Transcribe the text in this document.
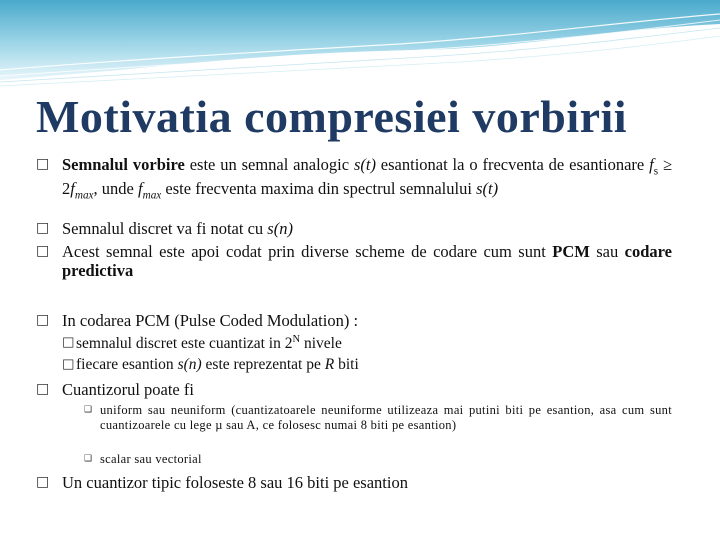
Motivatia compresiei vorbirii
□ Semnalul vorbire este un semnal analogic s(t) esantionat la o frecventa de esantionare $f_s \ge 2f_{max}$, unde $f_{max}$ este frecventa maxima din spectrul semnalului s(t)
□ Semnalul discret va fi notat cu s(n)
□ Acest semnal este apoi codat prin diverse scheme de codare cum sunt PCM sau codare predictiva
□ In codarea PCM (Pulse Coded Modulation) :
□ semnalul discret este cuantizat in $2^N$ nivele
□ fiecare esantion s(n) este reprezentat pe R biti
□ Cuantizorul poate fi
❑ uniform sau neuniform (cuantizatoarele neuniforme utilizeaza mai putini biti pe esantion, asa cum sunt cuantizoarele cu lege µ sau A, ce folosesc numai 8 biti pe esantion)
❑ scalar sau vectorial
□ Un cuantizor tipic foloseste 8 sau 16 biti pe esantion
